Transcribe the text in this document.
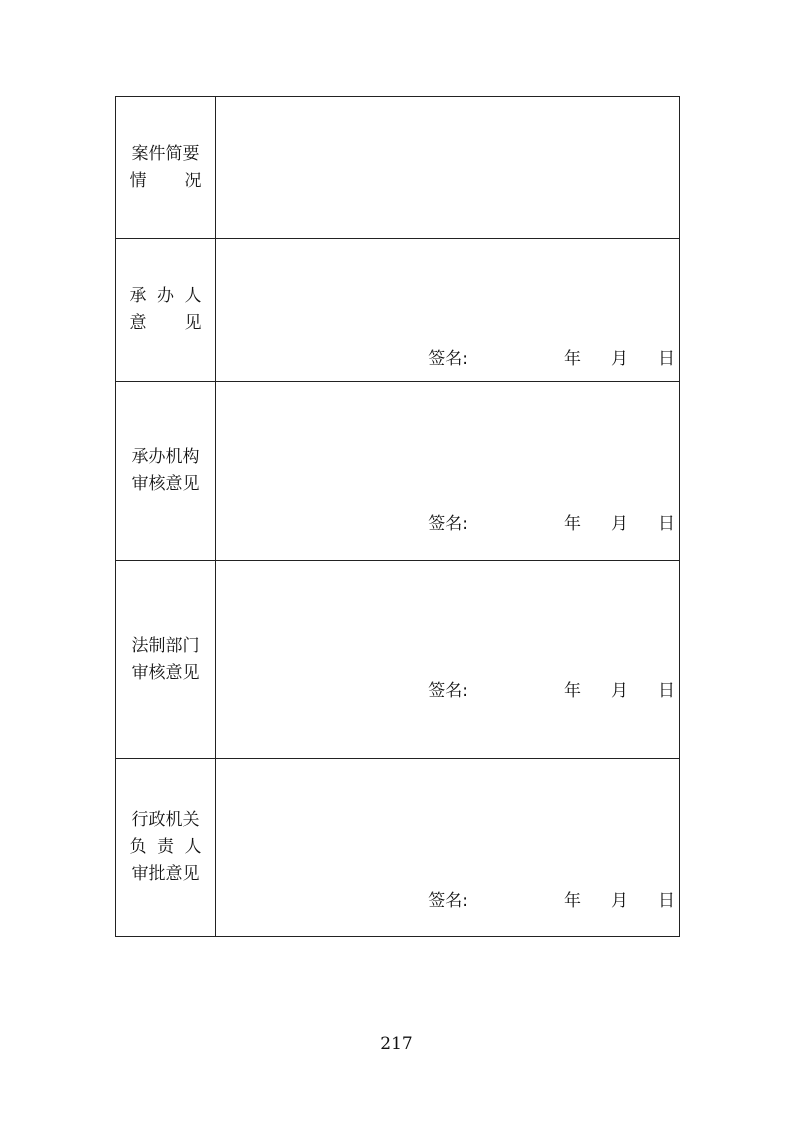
案件简要
情 况
承 办 人
意 见
签名:	年 月 日
承办机构
审核意见
签名:	年 月 日
法制部门
审核意见
签名:	年 月 日
行政机关
负 责 人
审批意见
签名:	年 月 日
217
